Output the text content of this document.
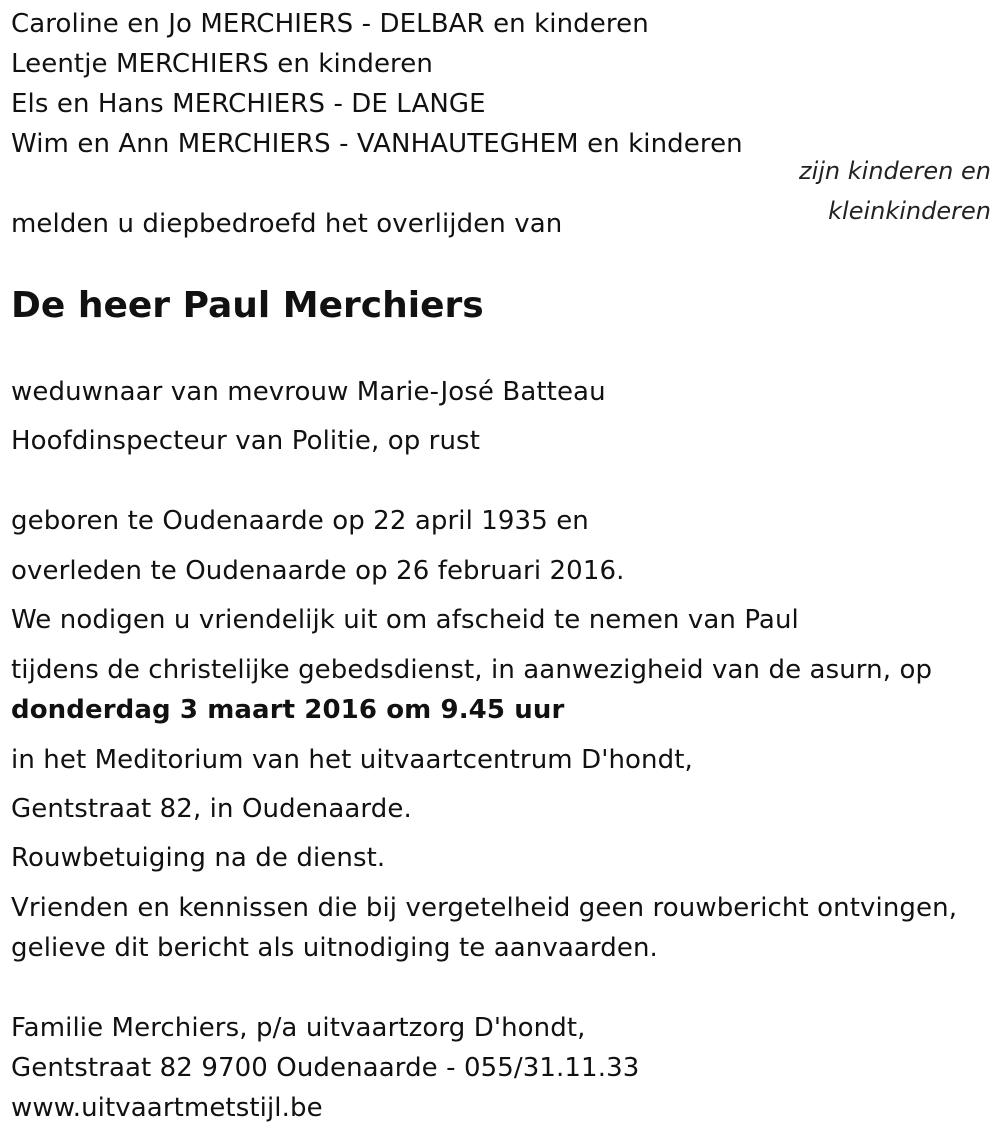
Caroline en Jo MERCHIERS - DELBAR en kinderen
Leentje MERCHIERS en kinderen
Els en Hans MERCHIERS - DE LANGE
Wim en Ann MERCHIERS - VANHAUTEGHEM en kinderen
zijn kinderen en
kleinkinderen
melden u diepbedroefd het overlijden van
De heer Paul Merchiers
weduwnaar van mevrouw Marie-José Batteau
Hoofdinspecteur van Politie, op rust
geboren te Oudenaarde op 22 april 1935 en
overleden te Oudenaarde op 26 februari 2016.
We nodigen u vriendelijk uit om afscheid te nemen van Paul
tijdens de christelijke gebedsdienst, in aanwezigheid van de asurn, op
donderdag 3 maart 2016 om 9.45 uur
in het Meditorium van het uitvaartcentrum D'hondt,
Gentstraat 82, in Oudenaarde.
Rouwbetuiging na de dienst.
Vrienden en kennissen die bij vergetelheid geen rouwbericht ontvingen,
gelieve dit bericht als uitnodiging te aanvaarden.
Familie Merchiers, p/a uitvaartzorg D'hondt,
Gentstraat 82 9700 Oudenaarde - 055/31.11.33
www.uitvaartmetstijl.be
